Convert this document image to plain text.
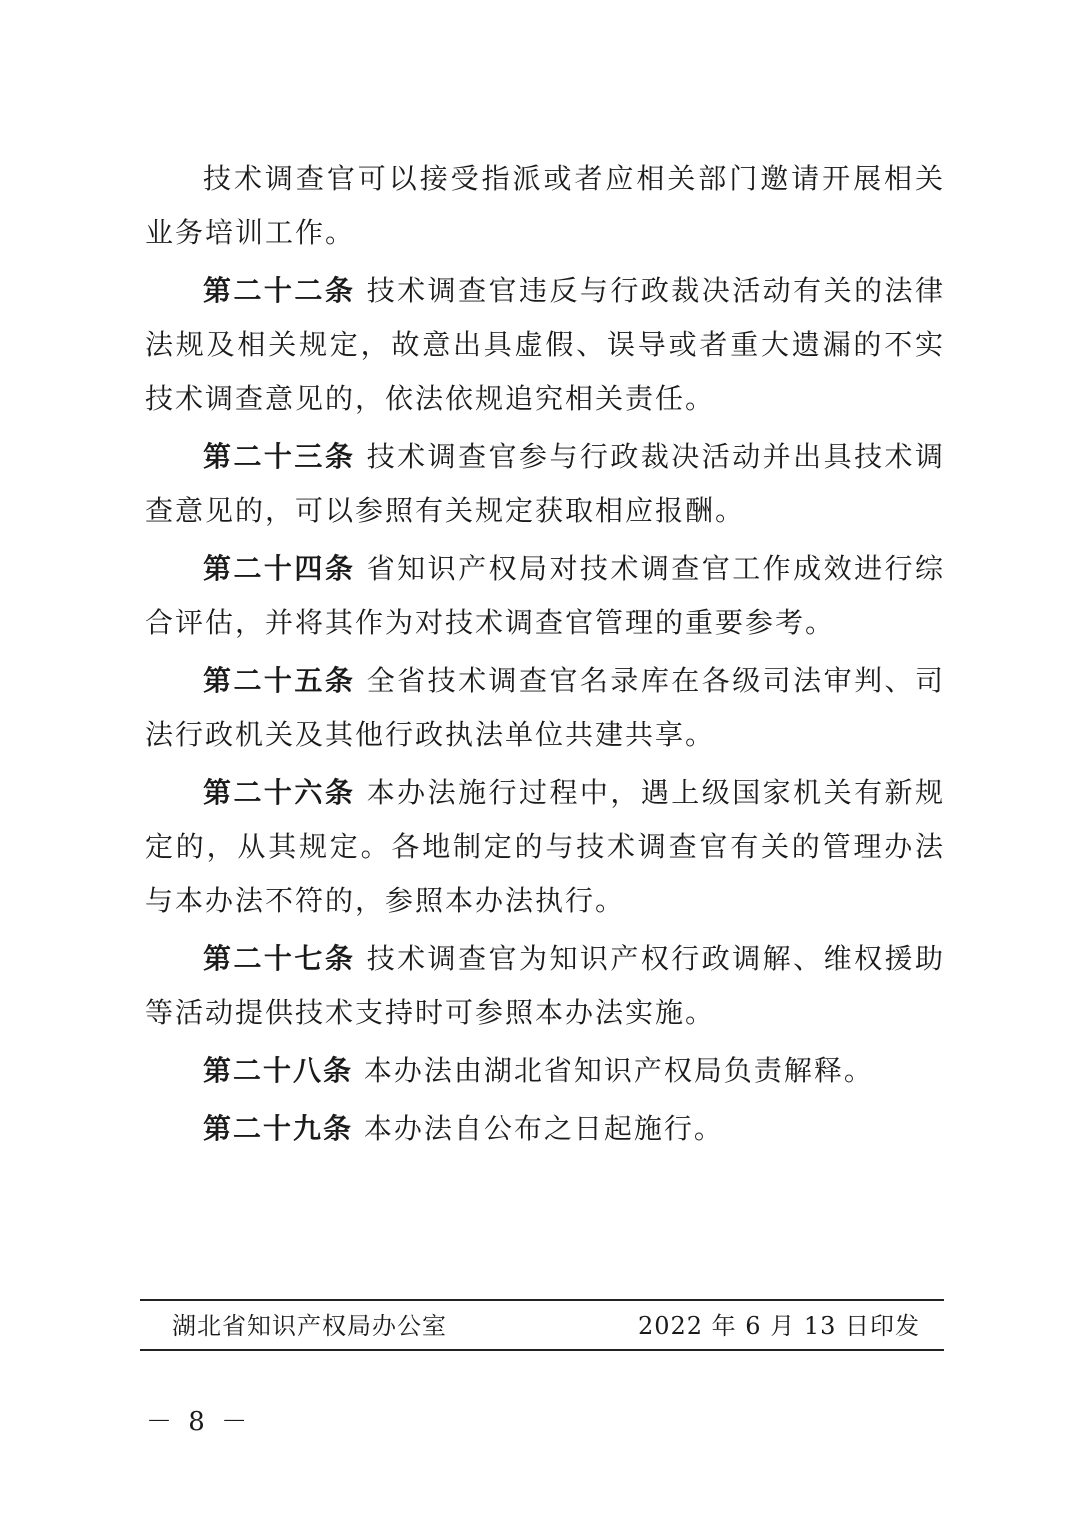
技术调查官可以接受指派或者应相关部门邀请开展相关业务培训工作。

第二十二条 技术调查官违反与行政裁决活动有关的法律法规及相关规定，故意出具虚假、误导或者重大遗漏的不实技术调查意见的，依法依规追究相关责任。

第二十三条 技术调查官参与行政裁决活动并出具技术调查意见的，可以参照有关规定获取相应报酬。

第二十四条 省知识产权局对技术调查官工作成效进行综合评估，并将其作为对技术调查官管理的重要参考。

第二十五条 全省技术调查官名录库在各级司法审判、司法行政机关及其他行政执法单位共建共享。

第二十六条 本办法施行过程中，遇上级国家机关有新规定的，从其规定。各地制定的与技术调查官有关的管理办法与本办法不符的，参照本办法执行。

第二十七条 技术调查官为知识产权行政调解、维权援助等活动提供技术支持时可参照本办法实施。

第二十八条 本办法由湖北省知识产权局负责解释。

第二十九条 本办法自公布之日起施行。

湖北省知识产权局办公室	2022 年 6 月 13 日印发
－ 8 －
